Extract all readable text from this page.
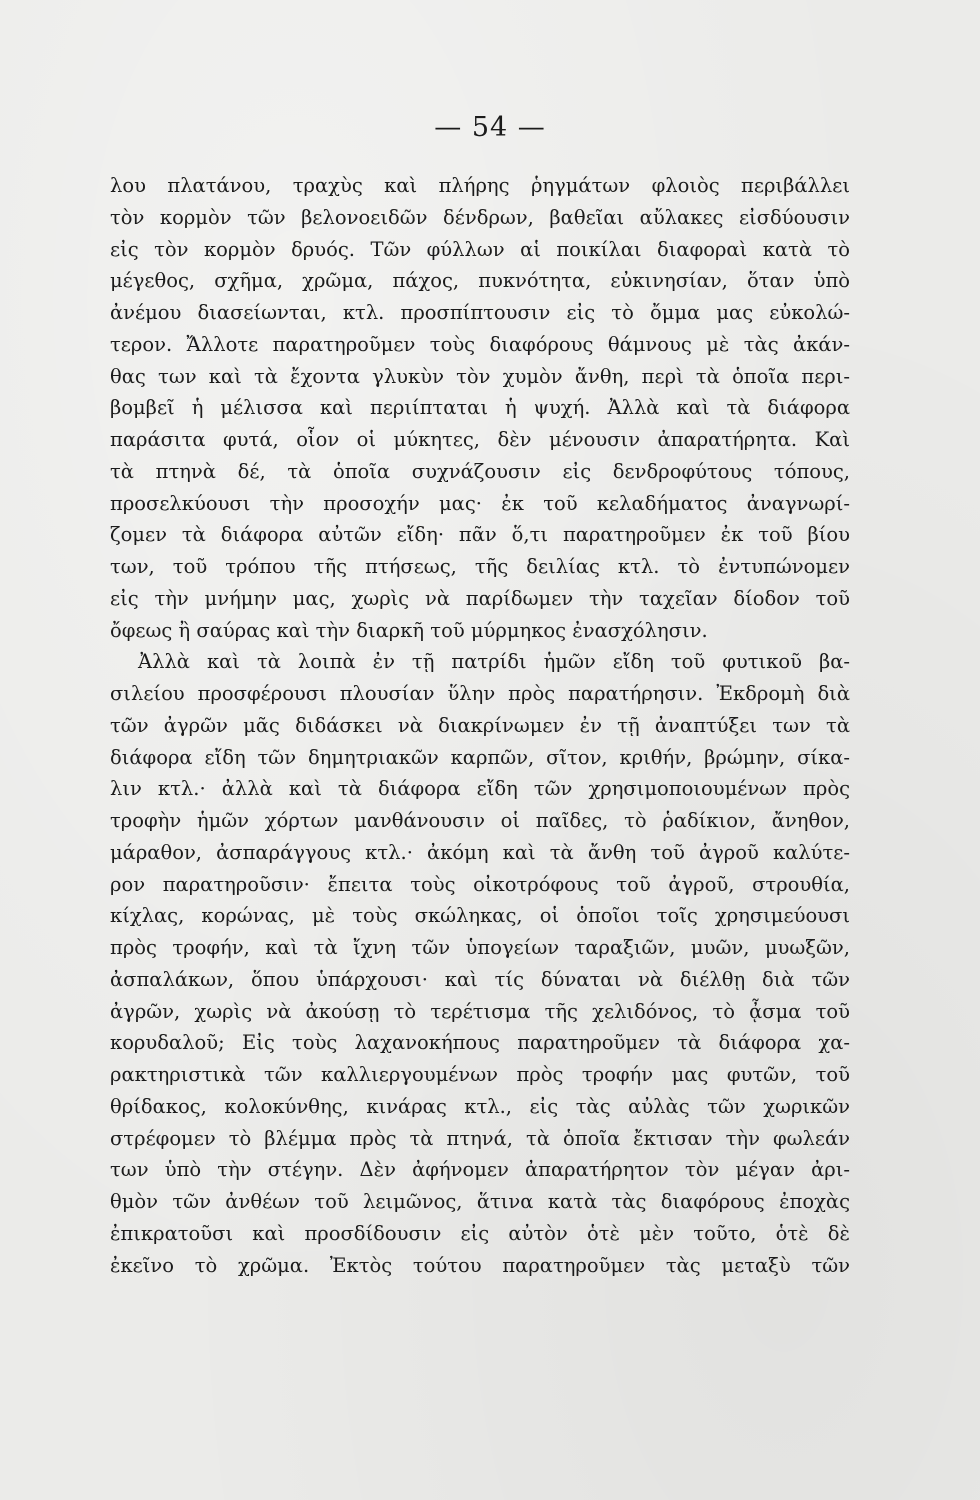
— 54 —
λου πλατάνου, τραχὺς καὶ πλήρης ῥηγμάτων φλοιὸς περιβάλλει
τὸν κορμὸν τῶν βελονοειδῶν δένδρων, βαθεῖαι αὔλακες εἰσδύουσιν
εἰς τὸν κορμὸν δρυός. Τῶν φύλλων αἱ ποικίλαι διαφοραὶ κατὰ τὸ
μέγεθος, σχῆμα, χρῶμα, πάχος, πυκνότητα, εὐκινησίαν, ὅταν ὑπὸ
ἀνέμου διασείωνται, κτλ. προσπίπτουσιν εἰς τὸ ὄμμα μας εὐκολώ-
τερον. Ἄλλοτε παρατηροῦμεν τοὺς διαφόρους θάμνους μὲ τὰς ἀκάν-
θας των καὶ τὰ ἔχοντα γλυκὺν τὸν χυμὸν ἄνθη, περὶ τὰ ὁποῖα περι-
βομβεῖ ἡ μέλισσα καὶ περιίπταται ἡ ψυχή. Ἀλλὰ καὶ τὰ διάφορα
παράσιτα φυτά, οἷον οἱ μύκητες, δὲν μένουσιν ἀπαρατήρητα. Καὶ
τὰ πτηνὰ δέ, τὰ ὁποῖα συχνάζουσιν εἰς δενδροφύτους τόπους,
προσελκύουσι τὴν προσοχήν μας· ἐκ τοῦ κελαδήματος ἀναγνωρί-
ζομεν τὰ διάφορα αὐτῶν εἴδη· πᾶν ὅ,τι παρατηροῦμεν ἐκ τοῦ βίου
των, τοῦ τρόπου τῆς πτήσεως, τῆς δειλίας κτλ. τὸ ἐντυπώνομεν
εἰς τὴν μνήμην μας, χωρὶς νὰ παρίδωμεν τὴν ταχεῖαν δίοδον τοῦ
ὄφεως ἢ σαύρας καὶ τὴν διαρκῆ τοῦ μύρμηκος ἐνασχόλησιν.
Ἀλλὰ καὶ τὰ λοιπὰ ἐν τῇ πατρίδι ἡμῶν εἴδη τοῦ φυτικοῦ βα-
σιλείου προσφέρουσι πλουσίαν ὕλην πρὸς παρατήρησιν. Ἐκδρομὴ διὰ
τῶν ἀγρῶν μᾶς διδάσκει νὰ διακρίνωμεν ἐν τῇ ἀναπτύξει των τὰ
διάφορα εἴδη τῶν δημητριακῶν καρπῶν, σῖτον, κριθήν, βρώμην, σίκα-
λιν κτλ.· ἀλλὰ καὶ τὰ διάφορα εἴδη τῶν χρησιμοποιουμένων πρὸς
τροφὴν ἡμῶν χόρτων μανθάνουσιν οἱ παῖδες, τὸ ῥαδίκιον, ἄνηθον,
μάραθον, ἀσπαράγγους κτλ.· ἀκόμη καὶ τὰ ἄνθη τοῦ ἀγροῦ καλύτε-
ρον παρατηροῦσιν· ἔπειτα τοὺς οἰκοτρόφους τοῦ ἀγροῦ, στρουθία,
κίχλας, κορώνας, μὲ τοὺς σκώληκας, οἱ ὁποῖοι τοῖς χρησιμεύουσι
πρὸς τροφήν, καὶ τὰ ἴχνη τῶν ὑπογείων ταραξιῶν, μυῶν, μυωξῶν,
ἀσπαλάκων, ὅπου ὑπάρχουσι· καὶ τίς δύναται νὰ διέλθῃ διὰ τῶν
ἀγρῶν, χωρὶς νὰ ἀκούσῃ τὸ τερέτισμα τῆς χελιδόνος, τὸ ᾆσμα τοῦ
κορυδαλοῦ; Εἰς τοὺς λαχανοκήπους παρατηροῦμεν τὰ διάφορα χα-
ρακτηριστικὰ τῶν καλλιεργουμένων πρὸς τροφήν μας φυτῶν, τοῦ
θρίδακος, κολοκύνθης, κινάρας κτλ., εἰς τὰς αὐλὰς τῶν χωρικῶν
στρέφομεν τὸ βλέμμα πρὸς τὰ πτηνά, τὰ ὁποῖα ἔκτισαν τὴν φωλεάν
των ὑπὸ τὴν στέγην. Δὲν ἀφήνομεν ἀπαρατήρητον τὸν μέγαν ἀρι-
θμὸν τῶν ἀνθέων τοῦ λειμῶνος, ἅτινα κατὰ τὰς διαφόρους ἐποχὰς
ἐπικρατοῦσι καὶ προσδίδουσιν εἰς αὐτὸν ὁτὲ μὲν τοῦτο, ὁτὲ δὲ
ἐκεῖνο τὸ χρῶμα. Ἐκτὸς τούτου παρατηροῦμεν τὰς μεταξὺ τῶν
